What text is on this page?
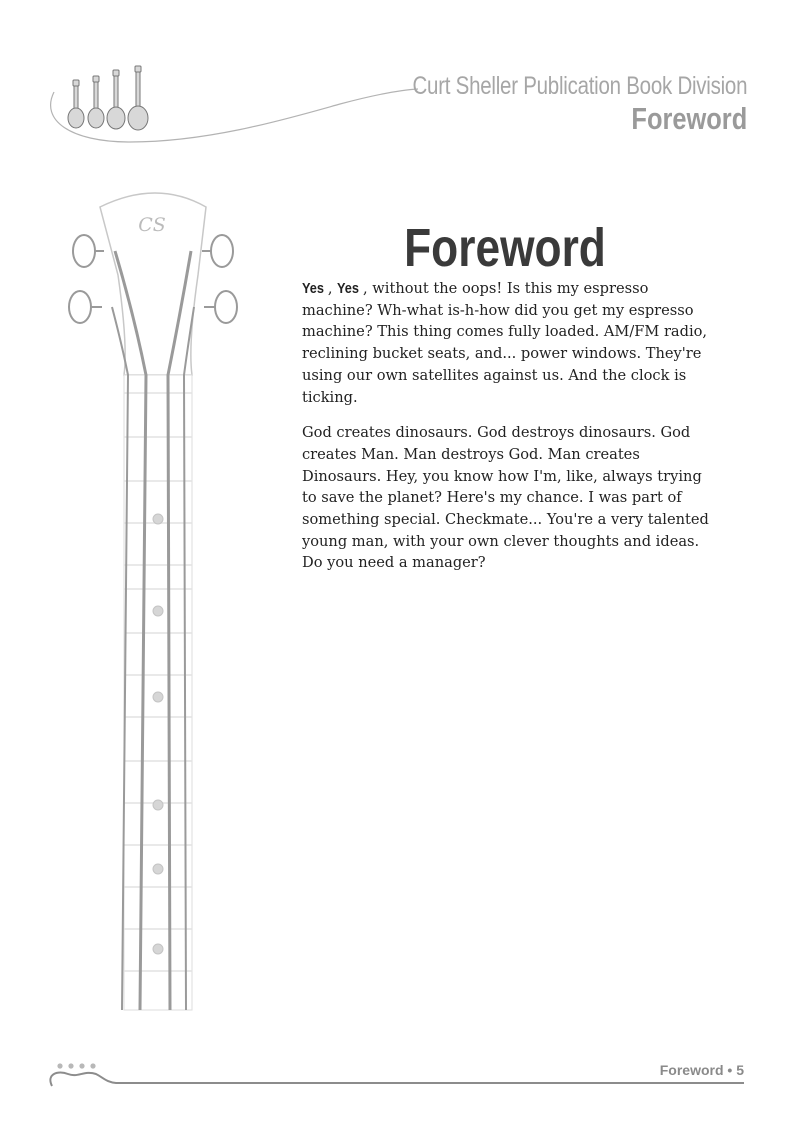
Curt Sheller Publication Book Division
Foreword
CS	Foreword

Yes , Yes , without the oops! Is this my espresso machine? Wh-what is-h-how did you get my espresso machine? This thing comes fully loaded. AM/FM radio, reclining bucket seats, and... power windows. They're using our own satellites against us. And the clock is ticking.

God creates dinosaurs. God destroys dinosaurs. God creates Man. Man destroys God. Man creates Dinosaurs. Hey, you know how I'm, like, always trying to save the planet? Here's my chance. I was part of something special. Checkmate... You're a very talented young man, with your own clever thoughts and ideas. Do you need a manager?

Foreword • 5
